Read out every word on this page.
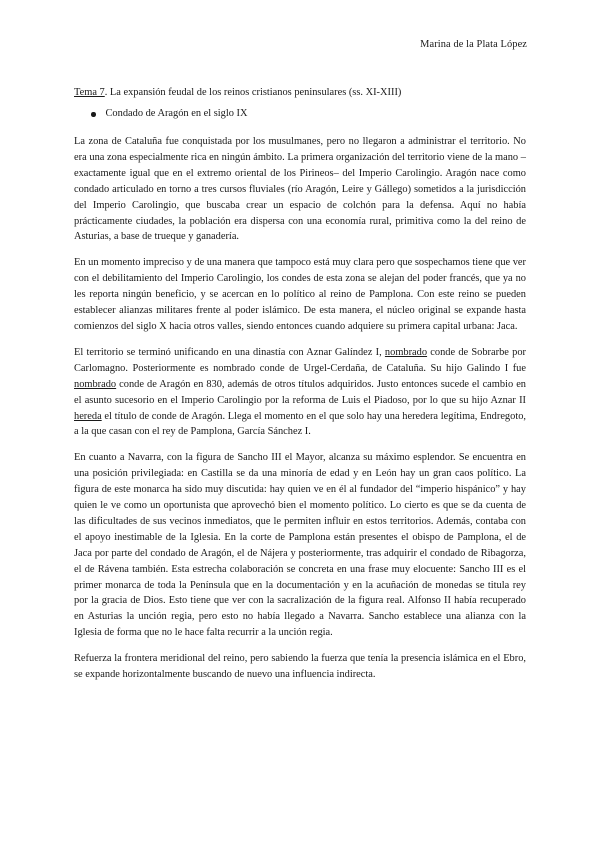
Marina de la Plata López
Tema 7. La expansión feudal de los reinos cristianos peninsulares (ss. XI-XIII)
Condado de Aragón en el siglo IX

La zona de Cataluña fue conquistada por los musulmanes, pero no llegaron a administrar el territorio. No era una zona especialmente rica en ningún ámbito. La primera organización del territorio viene de la mano –exactamente igual que en el extremo oriental de los Pirineos– del Imperio Carolingio. Aragón nace como condado articulado en torno a tres cursos fluviales (río Aragón, Leire y Gállego) sometidos a la jurisdicción del Imperio Carolingio, que buscaba crear un espacio de colchón para la defensa. Aquí no había prácticamente ciudades, la población era dispersa con una economía rural, primitiva como la del reino de Asturias, a base de trueque y ganadería.

En un momento impreciso y de una manera que tampoco está muy clara pero que sospechamos tiene que ver con el debilitamiento del Imperio Carolingio, los condes de esta zona se alejan del poder francés, que ya no les reporta ningún beneficio, y se acercan en lo político al reino de Pamplona. Con este reino se pueden establecer alianzas militares frente al poder islámico. De esta manera, el núcleo original se expande hasta comienzos del siglo X hacia otros valles, siendo entonces cuando adquiere su primera capital urbana: Jaca.

El territorio se terminó unificando en una dinastía con Aznar Galíndez I, nombrado conde de Sobrarbe por Carlomagno. Posteriormente es nombrado conde de Urgel-Cerdaña, de Cataluña. Su hijo Galindo I fue nombrado conde de Aragón en 830, además de otros títulos adquiridos. Justo entonces sucede el cambio en el asunto sucesorio en el Imperio Carolingio por la reforma de Luis el Piadoso, por lo que su hijo Aznar II hereda el título de conde de Aragón. Llega el momento en el que solo hay una heredera legítima, Endregoto, a la que casan con el rey de Pamplona, García Sánchez I.

En cuanto a Navarra, con la figura de Sancho III el Mayor, alcanza su máximo esplendor. Se encuentra en una posición privilegiada: en Castilla se da una minoría de edad y en León hay un gran caos político. La figura de este monarca ha sido muy discutida: hay quien ve en él al fundador del “imperio hispánico” y hay quien le ve como un oportunista que aprovechó bien el momento político. Lo cierto es que se da cuenta de las dificultades de sus vecinos inmediatos, que le permiten influir en estos territorios. Además, contaba con el apoyo inestimable de la Iglesia. En la corte de Pamplona están presentes el obispo de Pamplona, el de Jaca por parte del condado de Aragón, el de Nájera y posteriormente, tras adquirir el condado de Ribagorza, el de Rávena también. Esta estrecha colaboración se concreta en una frase muy elocuente: Sancho III es el primer monarca de toda la Península que en la documentación y en la acuñación de monedas se titula rey por la gracia de Dios. Esto tiene que ver con la sacralización de la figura real. Alfonso II había recuperado en Asturias la unción regia, pero esto no había llegado a Navarra. Sancho establece una alianza con la Iglesia de forma que no le hace falta recurrir a la unción regia.

Refuerza la frontera meridional del reino, pero sabiendo la fuerza que tenía la presencia islámica en el Ebro, se expande horizontalmente buscando de nuevo una influencia indirecta.
